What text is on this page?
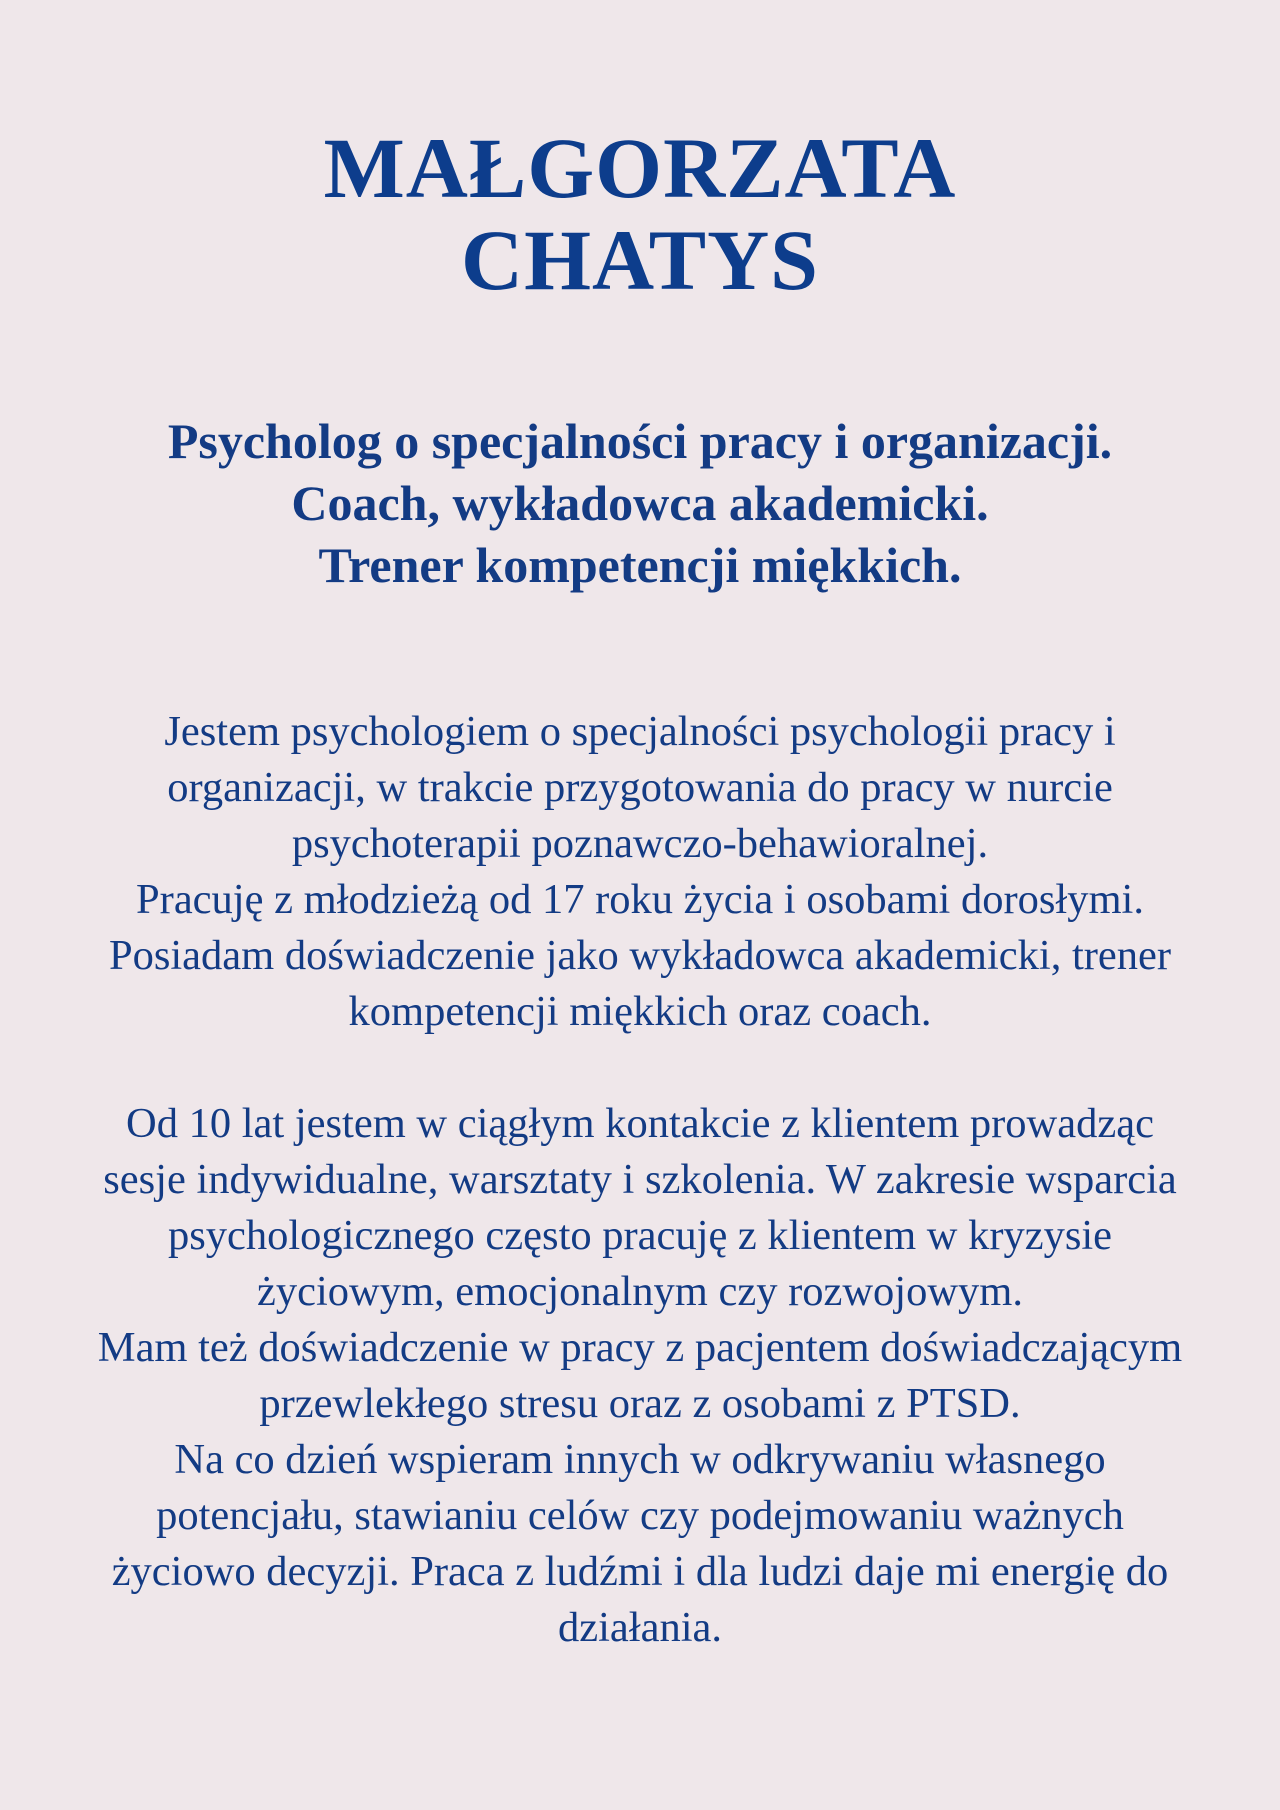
MAŁGORZATA
CHATYS
Psycholog o specjalności pracy i organizacji.
Coach, wykładowca akademicki.
Trener kompetencji miękkich.
Jestem psychologiem o specjalności psychologii pracy i
organizacji, w trakcie przygotowania do pracy w nurcie
psychoterapii poznawczo-behawioralnej.
Pracuję z młodzieżą od 17 roku życia i osobami dorosłymi.
Posiadam doświadczenie jako wykładowca akademicki, trener
kompetencji miękkich oraz coach.
Od 10 lat jestem w ciągłym kontakcie z klientem prowadząc
sesje indywidualne, warsztaty i szkolenia. W zakresie wsparcia
psychologicznego często pracuję z klientem w kryzysie
życiowym, emocjonalnym czy rozwojowym.
Mam też doświadczenie w pracy z pacjentem doświadczającym
przewlekłego stresu oraz z osobami z PTSD.
Na co dzień wspieram innych w odkrywaniu własnego
potencjału, stawianiu celów czy podejmowaniu ważnych
życiowo decyzji. Praca z ludźmi i dla ludzi daje mi energię do
działania.
